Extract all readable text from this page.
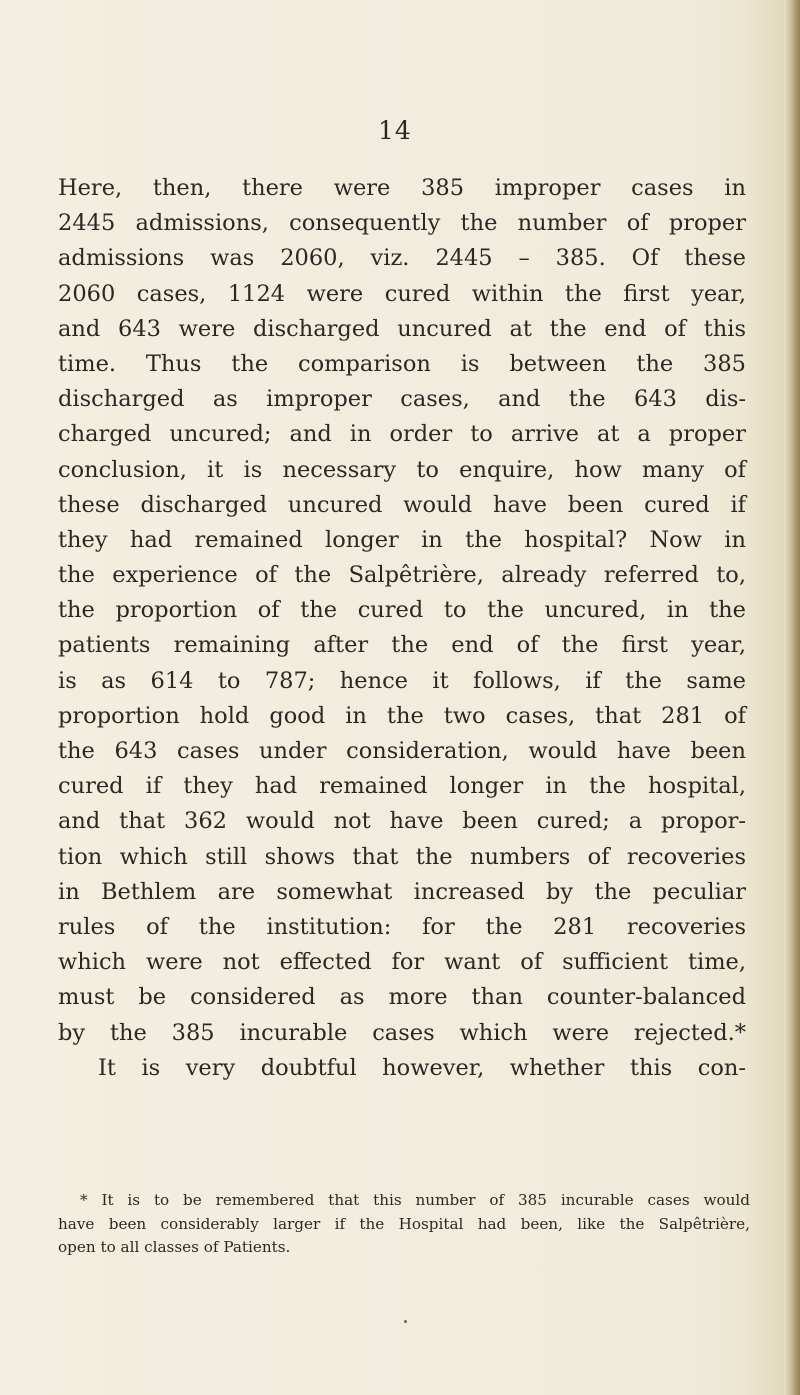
14
Here, then, there were 385 improper cases in
2445 admissions, consequently the number of proper
admissions was 2060, viz. 2445 – 385. Of these
2060 cases, 1124 were cured within the first year,
and 643 were discharged uncured at the end of this
time. Thus the comparison is between the 385
discharged as improper cases, and the 643 dis-
charged uncured; and in order to arrive at a proper
conclusion, it is necessary to enquire, how many of
these discharged uncured would have been cured if
they had remained longer in the hospital? Now in
the experience of the Salpêtrière, already referred to,
the proportion of the cured to the uncured, in the
patients remaining after the end of the first year,
is as 614 to 787; hence it follows, if the same
proportion hold good in the two cases, that 281 of
the 643 cases under consideration, would have been
cured if they had remained longer in the hospital,
and that 362 would not have been cured; a propor-
tion which still shows that the numbers of recoveries
in Bethlem are somewhat increased by the peculiar
rules of the institution: for the 281 recoveries
which were not effected for want of sufficient time,
must be considered as more than counter-balanced
by the 385 incurable cases which were rejected.*
It is very doubtful however, whether this con-
* It is to be remembered that this number of 385 incurable cases would
have been considerably larger if the Hospital had been, like the Salpêtrière,
open to all classes of Patients.
